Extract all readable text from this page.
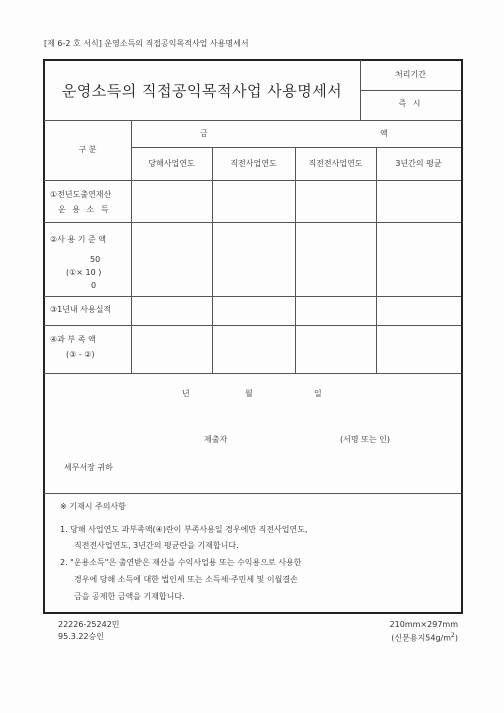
[제 6-2 호 서식] 운영소득의 직접공익목적사업 사용명세서
운영소득의 직접공익목적사업 사용명세서
처리기간
즉 시
구 분
금	액
당해사업연도	직전사업연도	직전전사업연도	3년간의 평균
①전년도출연재산
운 용 소 득
②사 용 기 준 액
50
(①× 10 )
0
③1년내 사용실적
④과 부 족 액
(③ - ②)
년	월	일
제출자	(서명 또는 인)
세무서장 귀하
※ 기재시 주의사항
1. 당해 사업연도 과부족액(④)란이 부족사용일 경우에만 직전사업연도,
직전전사업연도, 3년간의 평균란을 기재합니다.
2. "운용소득"은 출연받은 재산을 수익사업용 또는 수익용으로 사용한
경우에 당해 소득에 대한 법인세 또는 소득세·주민세 및 이월결손
금을 공제한 금액을 기재합니다.
22226-25242민
95.3.22승인
210mm×297mm
(신문용지$54g/m^2$)
